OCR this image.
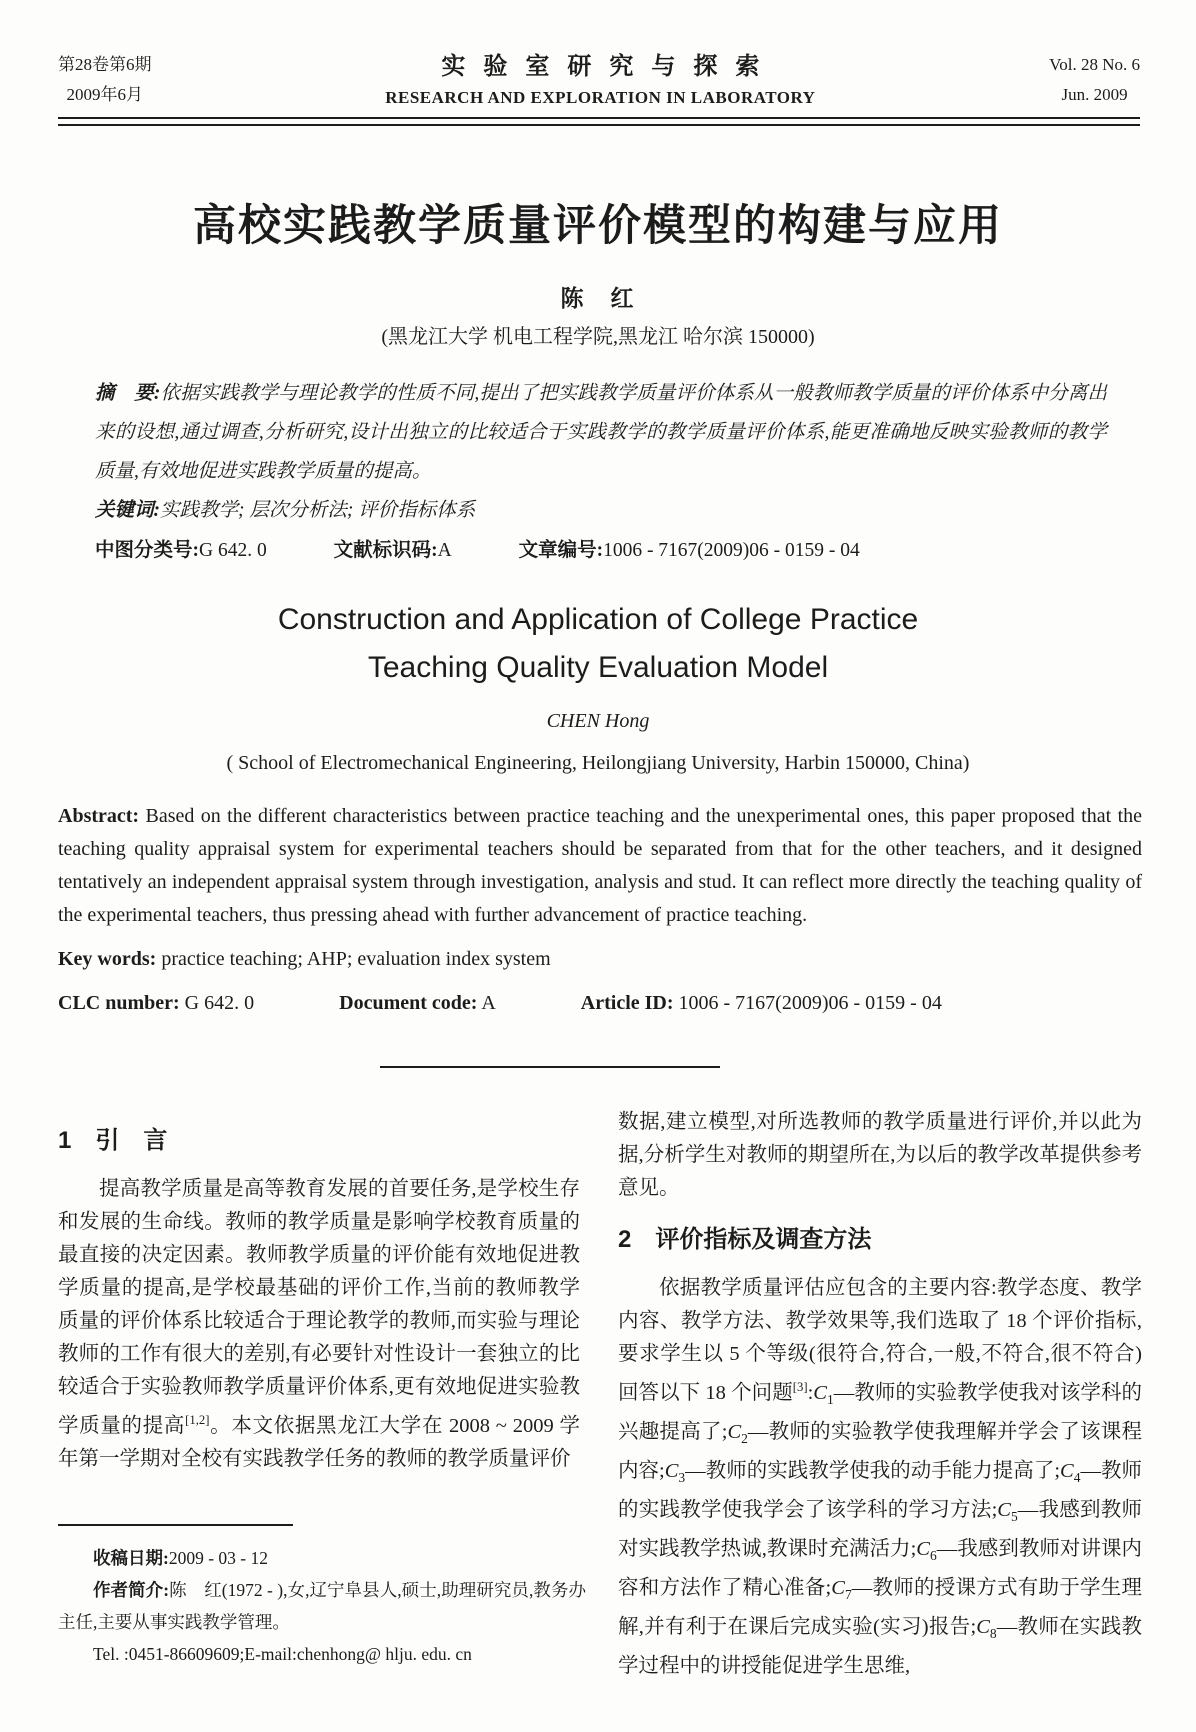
第28卷第6期
2009年6月
实验室研究与探索
RESEARCH AND EXPLORATION IN LABORATORY
Vol. 28 No. 6
Jun. 2009
高校实践教学质量评价模型的构建与应用
陈　红
(黑龙江大学 机电工程学院,黑龙江 哈尔滨 150000)

摘　要:依据实践教学与理论教学的性质不同,提出了把实践教学质量评价体系从一般教师教学质量的评价体系中分离出来的设想,通过调查,分析研究,设计出独立的比较适合于实践教学的教学质量评价体系,能更准确地反映实验教师的教学质量,有效地促进实践教学质量的提高。

关键词:实践教学; 层次分析法; 评价指标体系

中图分类号:G 642. 0	文献标识码:A	文章编号:1006 - 7167(2009)06 - 0159 - 04

Construction and Application of College Practice
Teaching Quality Evaluation Model
CHEN Hong
( School of Electromechanical Engineering, Heilongjiang University, Harbin 150000, China)

Abstract: Based on the different characteristics between practice teaching and the unexperimental ones, this paper proposed that the teaching quality appraisal system for experimental teachers should be separated from that for the other teachers, and it designed tentatively an independent appraisal system through investigation, analysis and stud. It can reflect more directly the teaching quality of the experimental teachers, thus pressing ahead with further advancement of practice teaching.

Key words: practice teaching; AHP; evaluation index system

CLC number: G 642. 0	Document code: A	Article ID: 1006 - 7167(2009)06 - 0159 - 04

1　引　言

提高教学质量是高等教育发展的首要任务,是学校生存和发展的生命线。教师的教学质量是影响学校教育质量的最直接的决定因素。教师教学质量的评价能有效地促进教学质量的提高,是学校最基础的评价工作,当前的教师教学质量的评价体系比较适合于理论教学的教师,而实验与理论教师的工作有很大的差别,有必要针对性设计一套独立的比较适合于实验教师教学质量评价体系,更有效地促进实验教学质量的提高[1,2]。本文依据黑龙江大学在 2008 ~ 2009 学年第一学期对全校有实践教学任务的教师的教学质量评价

数据,建立模型,对所选教师的教学质量进行评价,并以此为据,分析学生对教师的期望所在,为以后的教学改革提供参考意见。

2　评价指标及调查方法

依据教学质量评估应包含的主要内容:教学态度、教学内容、教学方法、教学效果等,我们选取了 18 个评价指标,要求学生以 5 个等级(很符合,符合,一般,不符合,很不符合)回答以下 18 个问题$[3]:C_1—$教师的实验教学使我对该学科的兴趣提高了$;C_2—$教师的实验教学使我理解并学会了该课程内容$;C_3—$教师的实践教学使我的动手能力提高了$;C_4—$教师的实践教学使我学会了该学科的学习方法$;C_5—$我感到教师对实践教学热诚,教课时充满活力$;C_6—$我感到教师对讲课内容和方法作了精心准备$;C_7—$教师的授课方式有助于学生理解,并有利于在课后完成实验(实习)报告$;C_8—$教师在实践教学过程中的讲授能促进学生思维,

收稿日期:2009 - 03 - 12

作者简介:陈　红(1972 - ),女,辽宁阜县人,硕士,助理研究员,教务办主任,主要从事实践教学管理。

Tel. :0451-86609609;E-mail:chenhong@ hlju. edu. cn
